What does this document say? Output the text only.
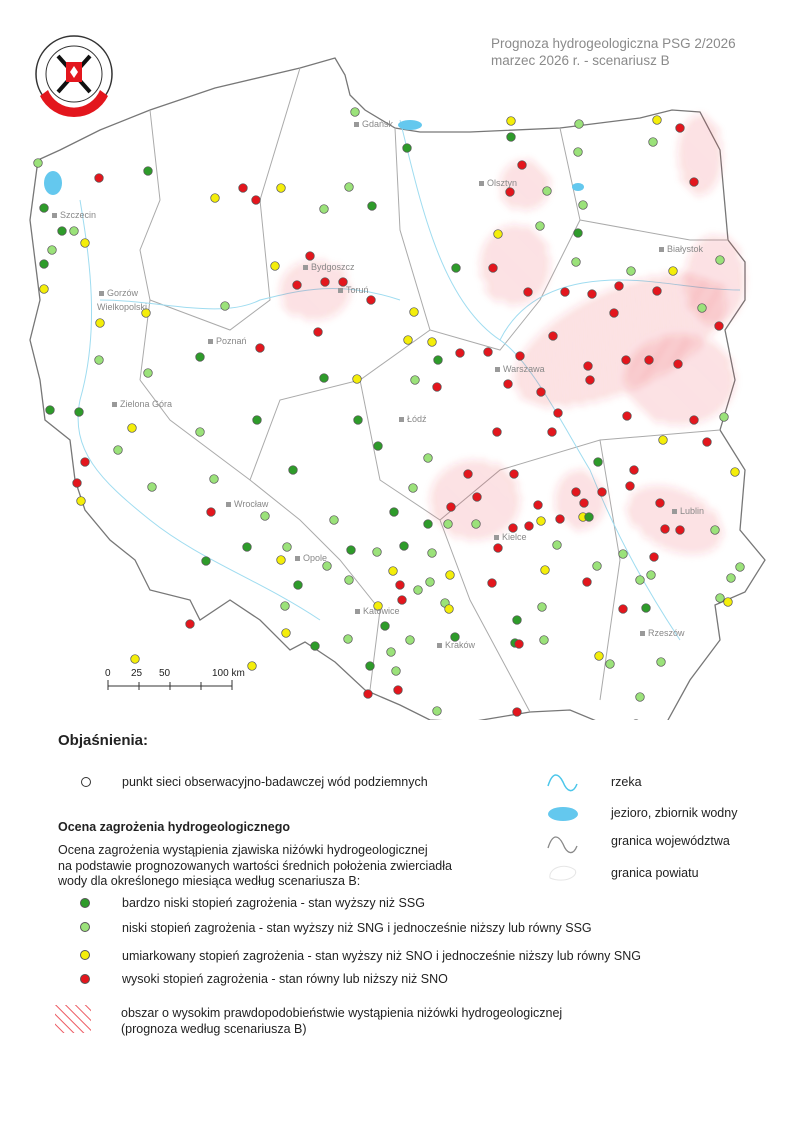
Gdańsk
Olsztyn
Białystok
Szczecin
Bydgoszcz
Toruń
Gorzów
Wielkopolski
Poznań
Warszawa
Zielona Góra
Łódź
Lublin
Wrocław
Opole
Kielce
Katowice
Kraków
Rzeszów
0 25 50	100 km
Prognoza hydrogeologiczna PSG 2/2026
marzec 2026 r. - scenariusz B
Objaśnienia:
punkt sieci obserwacyjno-badawczej wód podziemnych
Ocena zagrożenia hydrogeologicznego
Ocena zagrożenia wystąpienia zjawiska niżówki hydrogeologicznej
na podstawie prognozowanych wartości średnich położenia zwierciadła
wody dla określonego miesiąca według scenariusza B:
bardzo niski stopień zagrożenia - stan wyższy niż SSG
niski stopień zagrożenia - stan wyższy niż SNG i jednocześnie niższy lub równy SSG
umiarkowany stopień zagrożenia - stan wyższy niż SNO i jednocześnie niższy lub równy SNG
wysoki stopień zagrożenia - stan równy lub niższy niż SNO
obszar o wysokim prawdopodobieństwie wystąpienia niżówki hydrogeologicznej
(prognoza według scenariusza B)
rzeka
jezioro, zbiornik wodny
granica województwa
granica powiatu
